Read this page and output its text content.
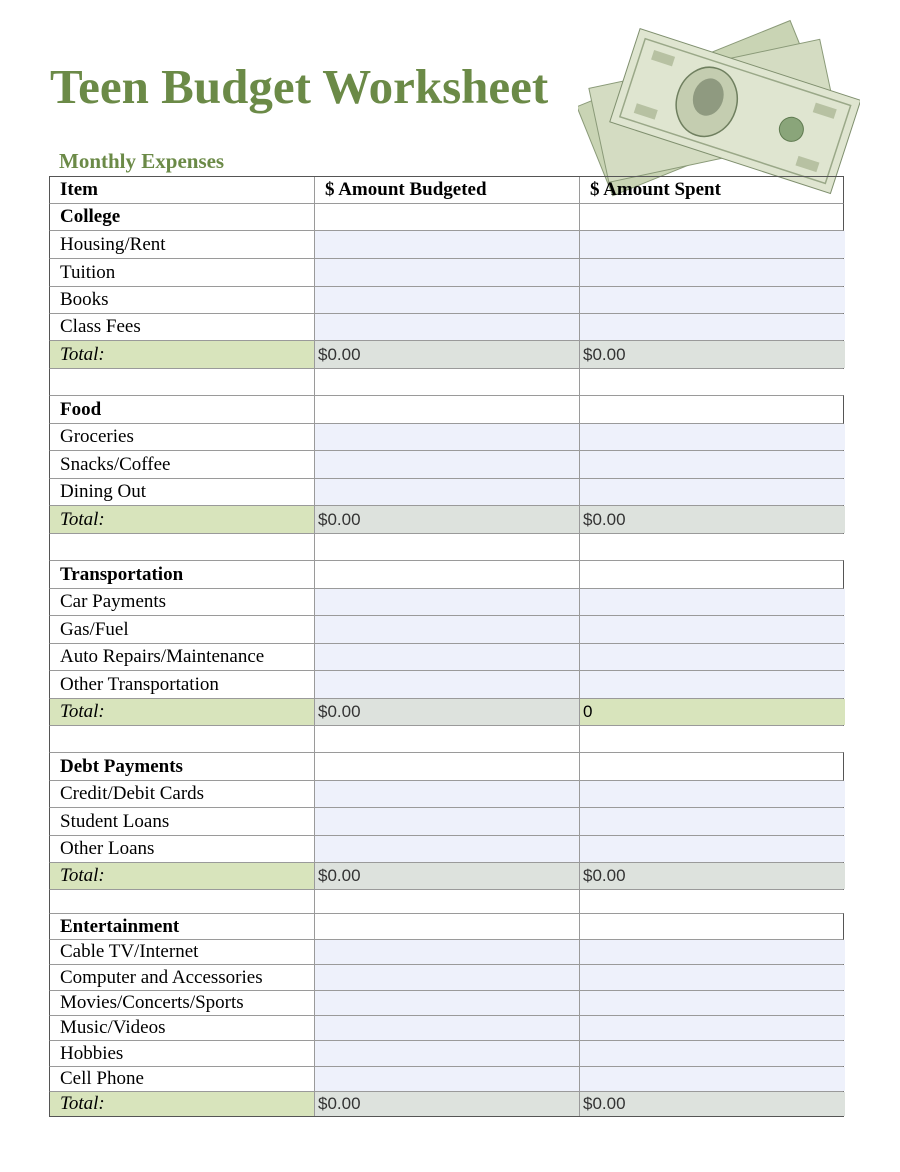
Teen Budget Worksheet
Monthly Expenses
Item	$ Amount Budgeted	$ Amount Spent
College
Housing/Rent
Tuition
Books
Class Fees
Total:	$0.00	$0.00
Food
Groceries
Snacks/Coffee
Dining Out
Total:	$0.00	$0.00
Transportation
Car Payments
Gas/Fuel
Auto Repairs/Maintenance
Other Transportation
Total:	$0.00	0
Debt Payments
Credit/Debit Cards
Student Loans
Other Loans
Total:	$0.00	$0.00
Entertainment
Cable TV/Internet
Computer and Accessories
Movies/Concerts/Sports
Music/Videos
Hobbies
Cell Phone
Total:	$0.00	$0.00
